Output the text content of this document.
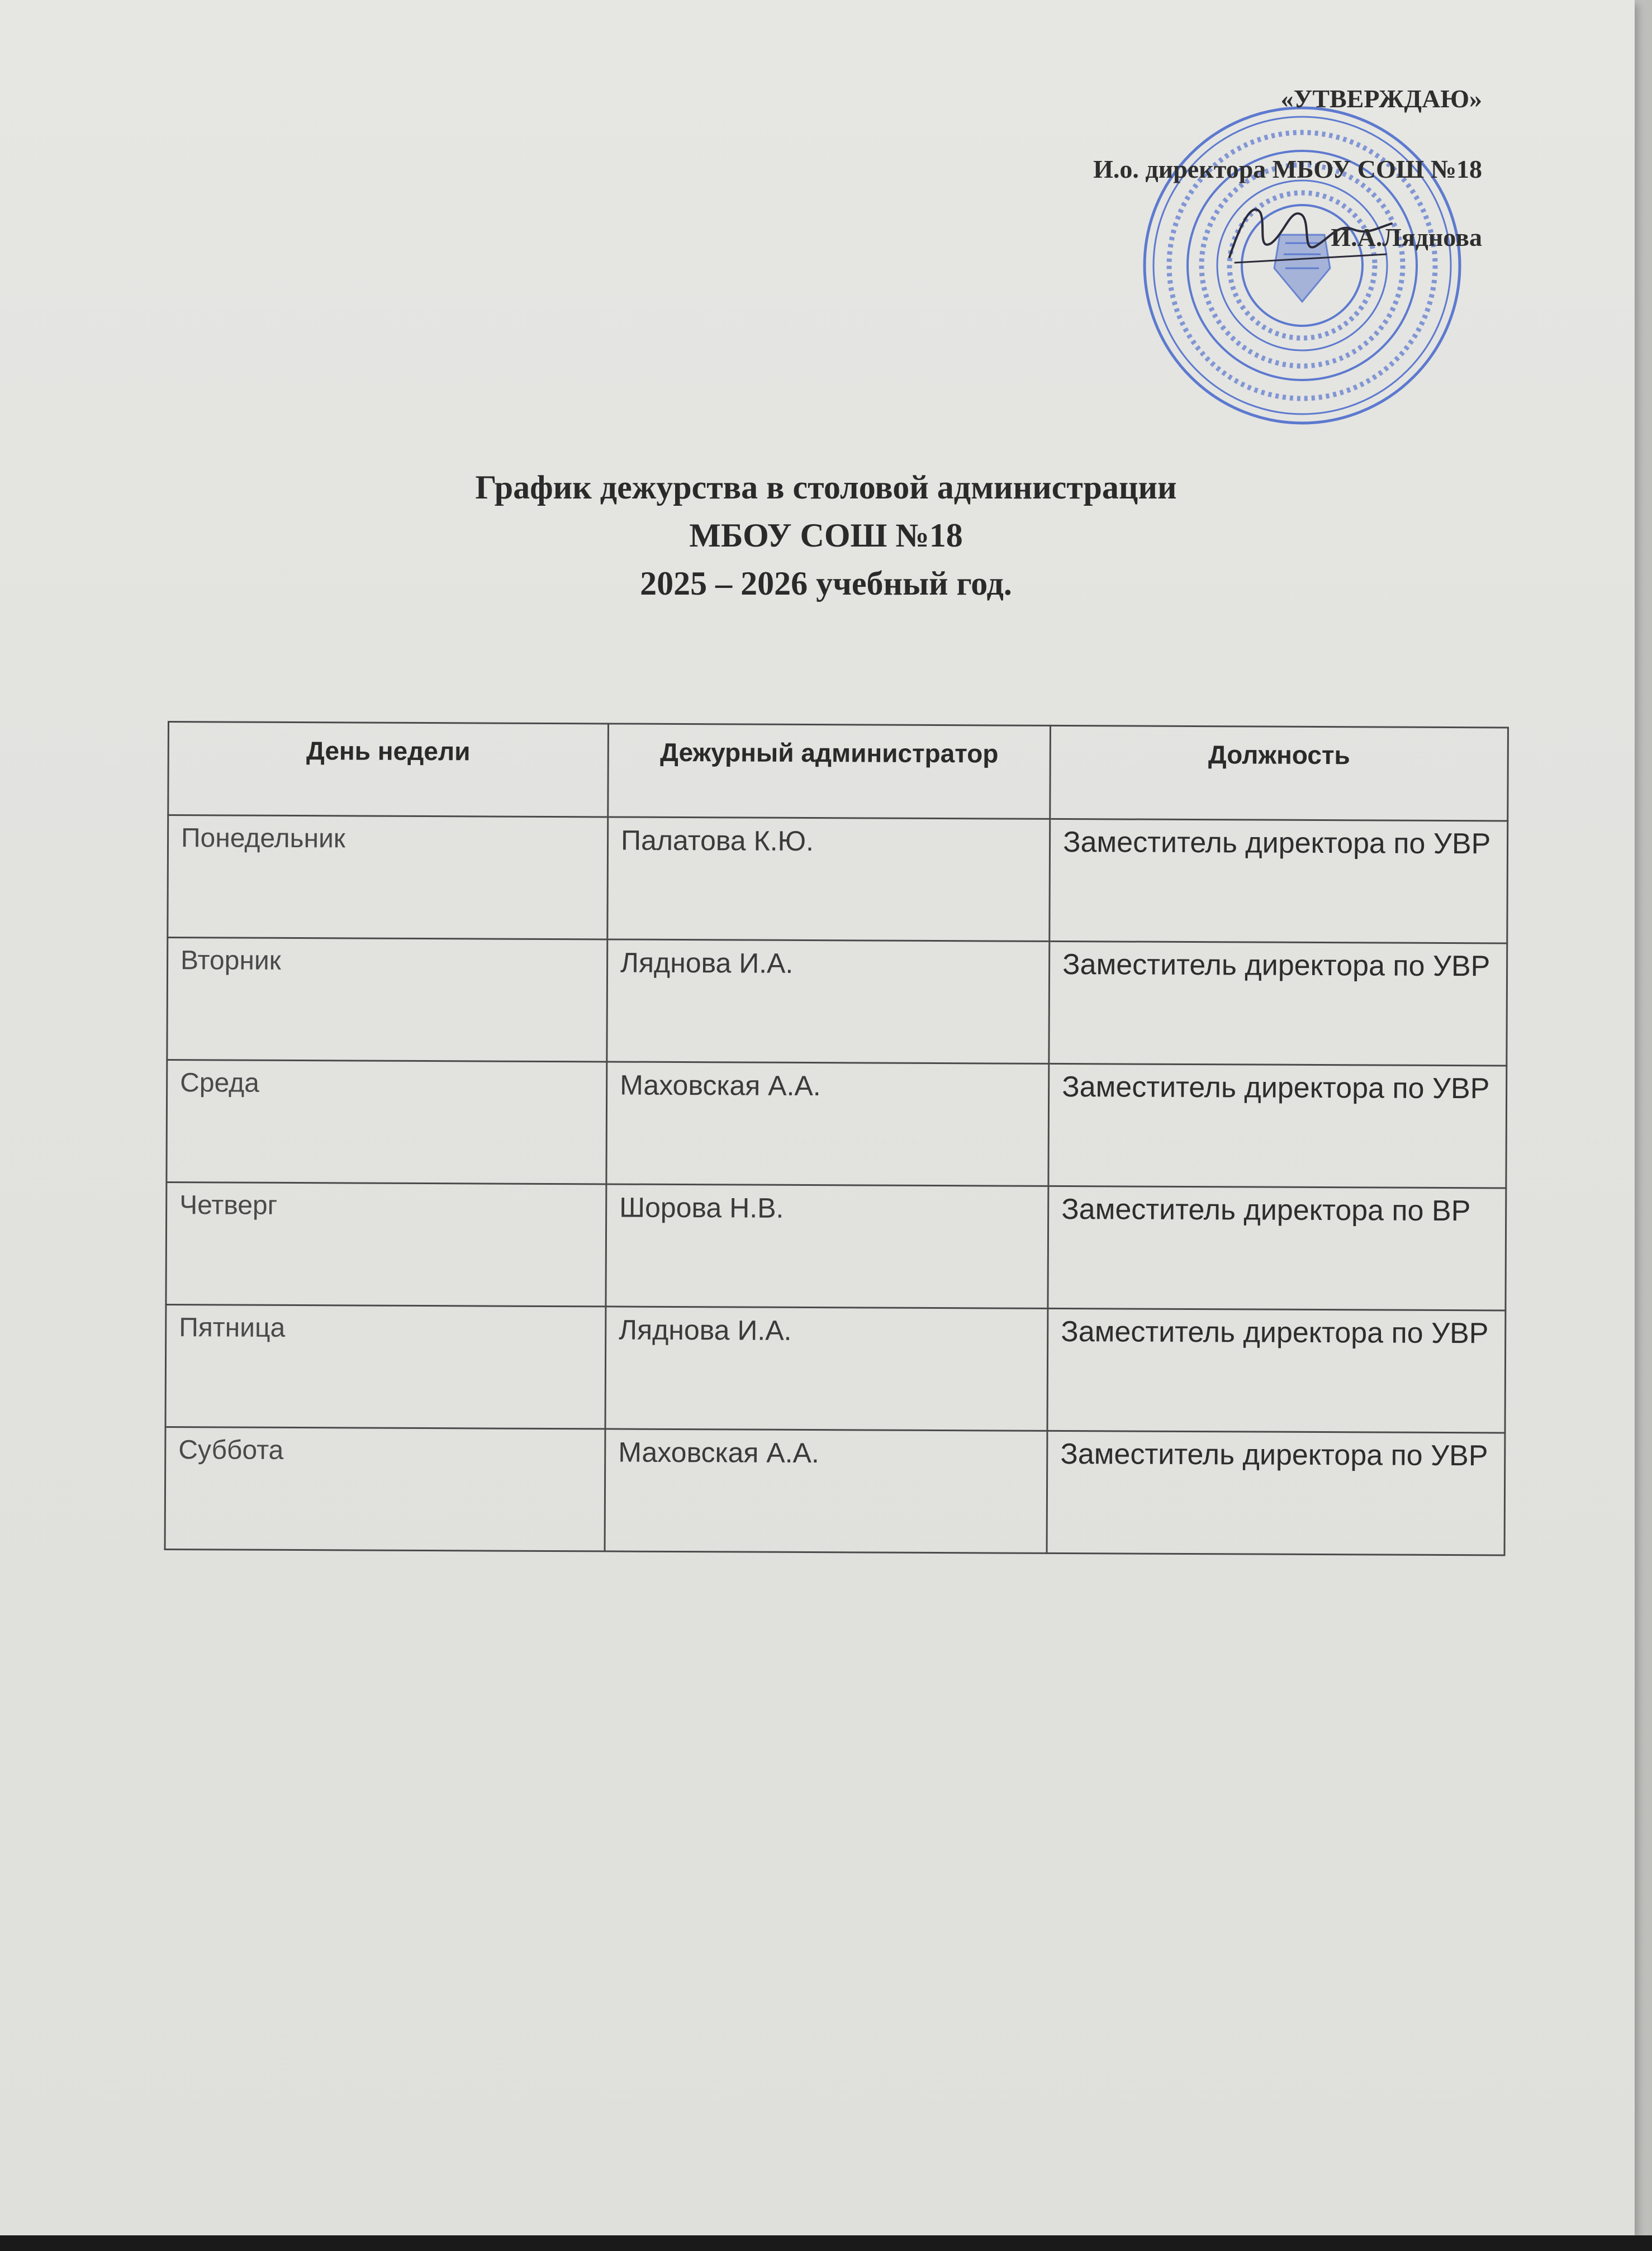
«УТВЕРЖДАЮ»
И.о. директора МБОУ СОШ №18
И.А.Ляднова
График дежурства в столовой администрации
МБОУ СОШ №18
2025 – 2026 учебный год.
День недели	Дежурный администратор	Должность
Понедельник	Палатова К.Ю.	Заместитель директора по УВР
Вторник	Ляднова И.А.	Заместитель директора по УВР
Среда	Маховская А.А.	Заместитель директора по УВР
Четверг	Шорова Н.В.	Заместитель директора по ВР
Пятница	Ляднова И.А.	Заместитель директора по УВР
Суббота	Маховская А.А.	Заместитель директора по УВР
